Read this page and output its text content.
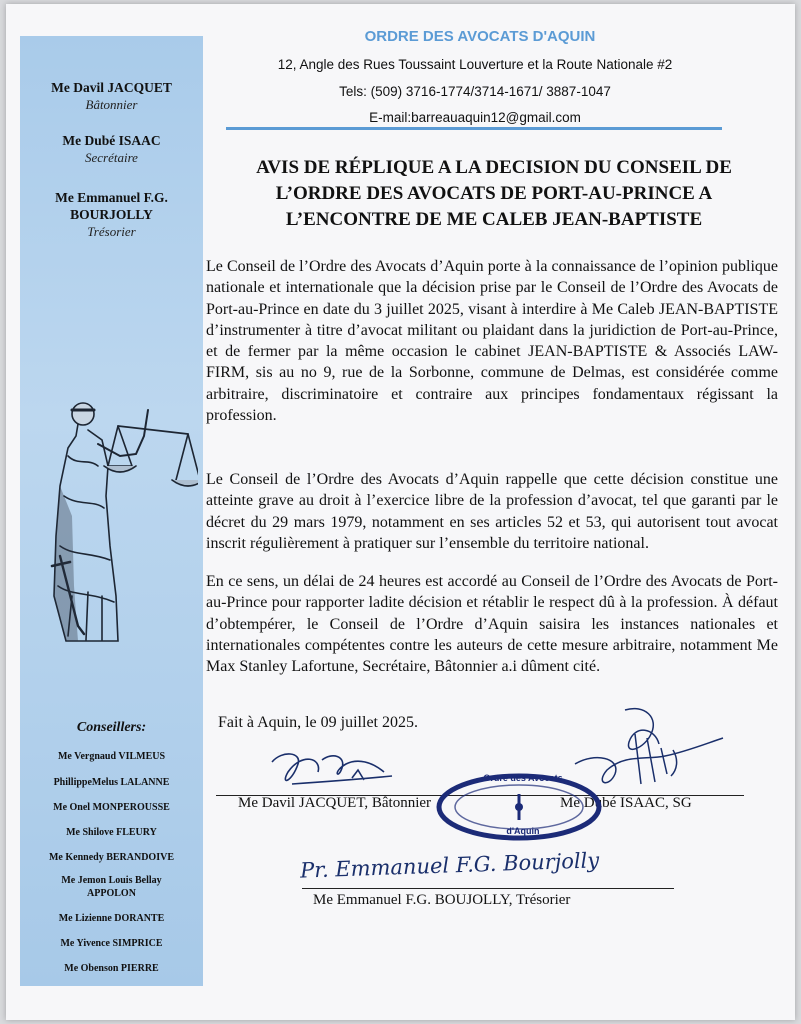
Me Davil JACQUET
Bâtonnier
Me Dubé ISAAC
Secrétaire
Me Emmanuel F.G.
BOURJOLLY
Trésorier
Conseillers:
Me Vergnaud VILMEUS
PhillippeMelus LALANNE
Me Onel MONPEROUSSE
Me Shilove FLEURY
Me Kennedy BERANDOIVE
Me Jemon Louis Bellay
APPOLON
Me Lizienne DORANTE
Me Yivence SIMPRICE
Me Obenson PIERRE
ORDRE DES AVOCATS D'AQUIN
12, Angle des Rues Toussaint Louverture et la Route Nationale #2
Tels: (509) 3716-1774/3714-1671/ 3887-1047
E-mail:barreauaquin12@gmail.com
AVIS DE RÉPLIQUE A LA DECISION DU CONSEIL DE
L’ORDRE DES AVOCATS DE PORT-AU-PRINCE A
L’ENCONTRE DE ME CALEB JEAN-BAPTISTE

Le Conseil de l’Ordre des Avocats d’Aquin porte à la connaissance de l’opinion publique nationale et internationale que la décision prise par le Conseil de l’Ordre des Avocats de Port-au-Prince en date du 3 juillet 2025, visant à interdire à Me Caleb JEAN-BAPTISTE d’instrumenter à titre d’avocat militant ou plaidant dans la juridiction de Port-au-Prince, et de fermer par la même occasion le cabinet JEAN-BAPTISTE & Associés LAW-FIRM, sis au no 9, rue de la Sorbonne, commune de Delmas, est considérée comme arbitraire, discriminatoire et contraire aux principes fondamentaux régissant la profession.

Le Conseil de l’Ordre des Avocats d’Aquin rappelle que cette décision constitue une atteinte grave au droit à l’exercice libre de la profession d’avocat, tel que garanti par le décret du 29 mars 1979, notamment en ses articles 52 et 53, qui autorisent tout avocat inscrit régulièrement à pratiquer sur l’ensemble du territoire national.

En ce sens, un délai de 24 heures est accordé au Conseil de l’Ordre des Avocats de Port-au-Prince pour rapporter ladite décision et rétablir le respect dû à la profession. À défaut d’obtempérer, le Conseil de l’Ordre d’Aquin saisira les instances nationales et internationales compétentes contre les auteurs de cette mesure arbitraire, notamment Me Max Stanley Lafortune, Secrétaire, Bâtonnier a.i dûment cité.

Fait à Aquin, le 09 juillet 2025.
Me Davil JACQUET, Bâtonnier	Me Dubé ISAAC, SG
Ordre des Avocats
d'Aquin
Pr. Emmanuel F.G. Bourjolly
Me Emmanuel F.G. BOUJOLLY, Trésorier
